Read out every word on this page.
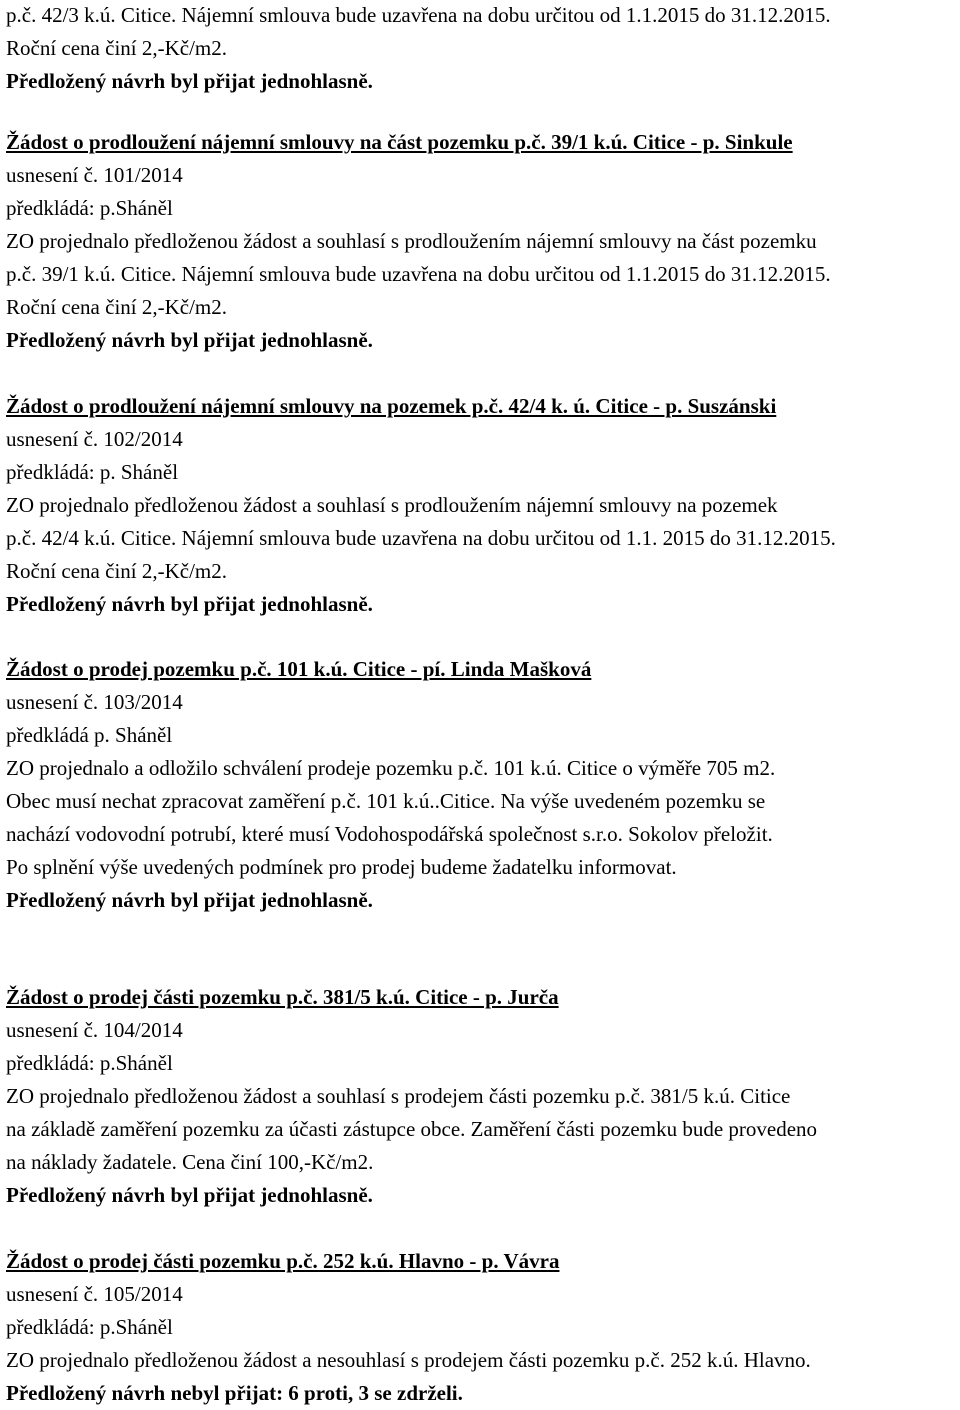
p.č. 42/3 k.ú. Citice. Nájemní smlouva bude uzavřena na dobu určitou od 1.1.2015 do 31.12.2015.
Roční cena činí 2,-Kč/m2.
Předložený návrh byl přijat jednohlasně.
Žádost o prodloužení nájemní smlouvy na část pozemku p.č. 39/1 k.ú. Citice - p. Sinkule
usnesení č. 101/2014
předkládá: p.Sháněl
ZO projednalo předloženou žádost a souhlasí s prodloužením nájemní smlouvy na část pozemku
p.č. 39/1 k.ú. Citice. Nájemní smlouva bude uzavřena na dobu určitou od 1.1.2015 do 31.12.2015.
Roční cena činí 2,-Kč/m2.
Předložený návrh byl přijat jednohlasně.
Žádost o prodloužení nájemní smlouvy na pozemek p.č. 42/4 k. ú. Citice - p. Suszánski
usnesení č. 102/2014
předkládá: p. Sháněl
ZO projednalo předloženou žádost a souhlasí s prodloužením nájemní smlouvy na pozemek
p.č. 42/4 k.ú. Citice. Nájemní smlouva bude uzavřena na dobu určitou od 1.1. 2015 do 31.12.2015.
Roční cena činí 2,-Kč/m2.
Předložený návrh byl přijat jednohlasně.
Žádost o prodej pozemku p.č. 101 k.ú. Citice - pí. Linda Mašková
usnesení č. 103/2014
předkládá p. Sháněl
ZO projednalo a odložilo schválení prodeje pozemku p.č. 101 k.ú. Citice o výměře 705 m2.
Obec musí nechat zpracovat zaměření p.č. 101 k.ú..Citice. Na výše uvedeném pozemku se
nachází vodovodní potrubí, které musí Vodohospodářská společnost s.r.o. Sokolov přeložit.
Po splnění výše uvedených podmínek pro prodej budeme žadatelku informovat.
Předložený návrh byl přijat jednohlasně.
Žádost o prodej části pozemku p.č. 381/5 k.ú. Citice - p. Jurča
usnesení č. 104/2014
předkládá: p.Sháněl
ZO projednalo předloženou žádost a souhlasí s prodejem části pozemku p.č. 381/5 k.ú. Citice
na základě zaměření pozemku za účasti zástupce obce. Zaměření části pozemku bude provedeno
na náklady žadatele. Cena činí 100,-Kč/m2.
Předložený návrh byl přijat jednohlasně.
Žádost o prodej části pozemku p.č. 252 k.ú. Hlavno - p. Vávra
usnesení č. 105/2014
předkládá: p.Sháněl
ZO projednalo předloženou žádost a nesouhlasí s prodejem části pozemku p.č. 252 k.ú. Hlavno.
Předložený návrh nebyl přijat: 6 proti, 3 se zdrželi.
